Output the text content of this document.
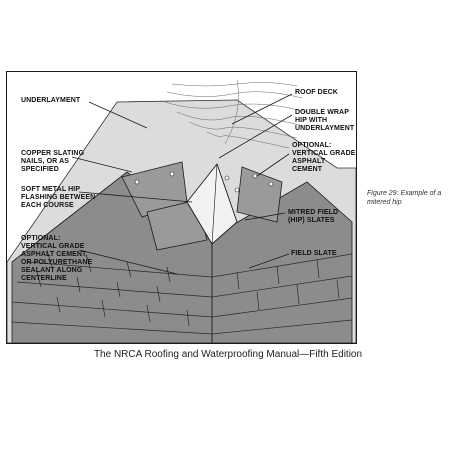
UNDERLAYMENT
ROOF DECK
DOUBLE WRAP
HIP WITH
UNDERLAYMENT
COPPER SLATING
NAILS, OR AS
SPECIFIED
OPTIONAL:
VERTICAL GRADE
ASPHALT CEMENT
SOFT METAL HIP
FLASHING BETWEEN
EACH COURSE
MITRED FIELD
(HIP) SLATES
OPTIONAL:
VERTICAL GRADE
ASPHALT CEMENT,
OR POLYURETHANE
SEALANT ALONG
CENTERLINE
FIELD SLATE
Figure 29: Example of a mitered hip
The NRCA Roofing and Waterproofing Manual—Fifth Edition
